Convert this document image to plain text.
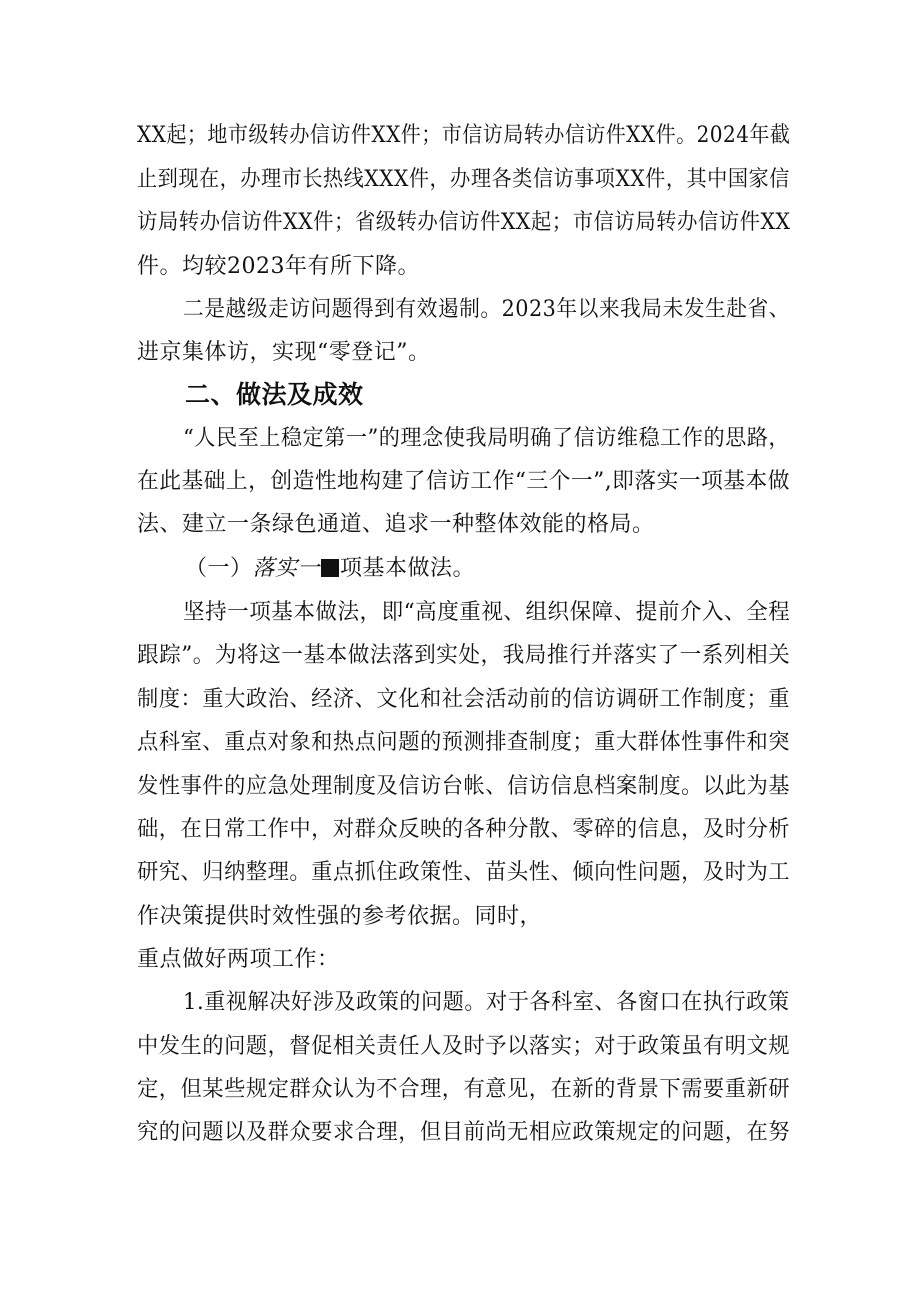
XX起；地市级转办信访件XX件；市信访局转办信访件XX件。2024年截
止到现在，办理市长热线XXX件，办理各类信访事项XX件，其中国家信
访局转办信访件XX件；省级转办信访件XX起；市信访局转办信访件XX
件。均较2023年有所下降。
二是越级走访问题得到有效遏制。2023年以来我局未发生赴省、
进京集体访，实现“零登记”。
二、做法及成效
“人民至上稳定第一”的理念使我局明确了信访维稳工作的思路，
在此基础上，创造性地构建了信访工作“三个一”,即落实一项基本做
法、建立一条绿色通道、追求一种整体效能的格局。
（一）落实一 项基本做法。
坚持一项基本做法，即“高度重视、组织保障、提前介入、全程
跟踪”。为将这一基本做法落到实处，我局推行并落实了一系列相关
制度：重大政治、经济、文化和社会活动前的信访调研工作制度；重
点科室、重点对象和热点问题的预测排查制度；重大群体性事件和突
发性事件的应急处理制度及信访台帐、信访信息档案制度。以此为基
础，在日常工作中，对群众反映的各种分散、零碎的信息，及时分析
研究、归纳整理。重点抓住政策性、苗头性、倾向性问题，及时为工
作决策提供时效性强的参考依据。同时，
重点做好两项工作：
1.重视解决好涉及政策的问题。对于各科室、各窗口在执行政策
中发生的问题，督促相关责任人及时予以落实；对于政策虽有明文规
定，但某些规定群众认为不合理，有意见，在新的背景下需要重新研
究的问题以及群众要求合理，但目前尚无相应政策规定的问题，在努
